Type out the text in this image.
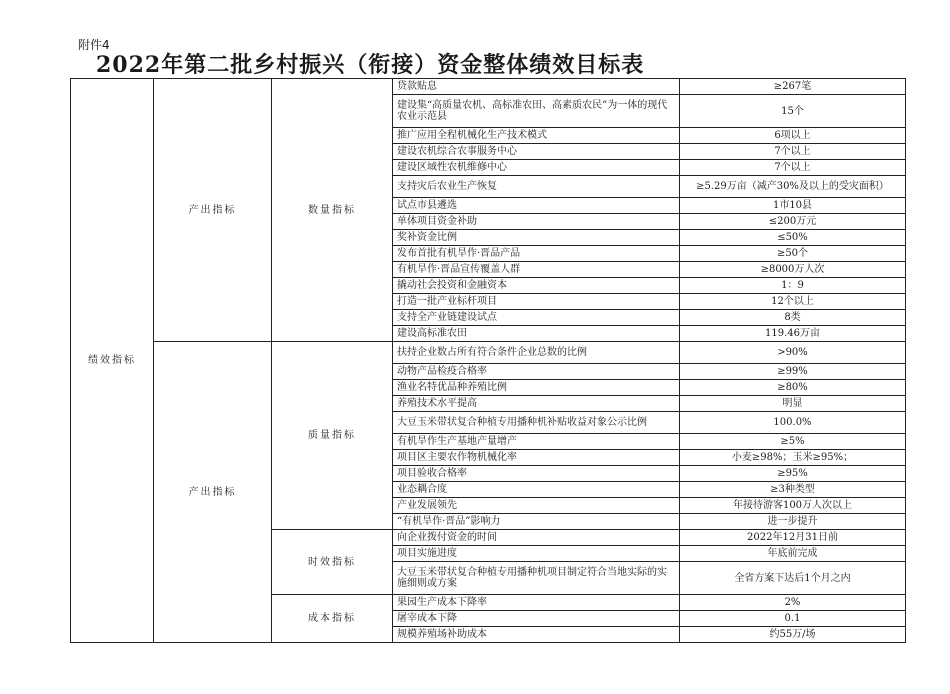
附件4
2022年第二批乡村振兴（衔接）资金整体绩效目标表
绩效指标	产出指标	数量指标	贷款贴息	≥267笔
			建设集“高质量农机、高标准农田、高素质农民”为一体的现代农业示范县	15个
			推广应用全程机械化生产技术模式	6项以上
			建设农机综合农事服务中心	7个以上
			建设区域性农机维修中心	7个以上
			支持灾后农业生产恢复	≥5.29万亩（减产30%及以上的受灾面积）
			试点市县遴选	1市10县
			单体项目资金补助	≤200万元
			奖补资金比例	≤50%
			发布首批有机旱作·晋品产品	≥50个
			有机旱作·晋品宣传覆盖人群	≥8000万人次
			撬动社会投资和金融资本	1：9
			打造一批产业标杆项目	12个以上
			支持全产业链建设试点	8类
			建设高标准农田	119.46万亩
	产出指标	质量指标	扶持企业数占所有符合条件企业总数的比例	>90%
			动物产品检疫合格率	≥99%
			渔业名特优品种养殖比例	≥80%
			养殖技术水平提高	明显
			大豆玉米带状复合种植专用播种机补贴收益对象公示比例	100.0%
			有机旱作生产基地产量增产	≥5%
			项目区主要农作物机械化率	小麦≥98%；玉米≥95%；
			项目验收合格率	≥95%
			业态耦合度	≥3种类型
			产业发展领先	年接待游客100万人次以上
			“有机旱作·晋品”影响力	进一步提升
		时效指标	向企业拨付资金的时间	2022年12月31日前
			项目实施进度	年底前完成
			大豆玉米带状复合种植专用播种机项目制定符合当地实际的实施细则或方案	全省方案下达后1个月之内
		成本指标	果园生产成本下降率	2%
			屠宰成本下降	0.1
			规模养殖场补助成本	约55万/场
